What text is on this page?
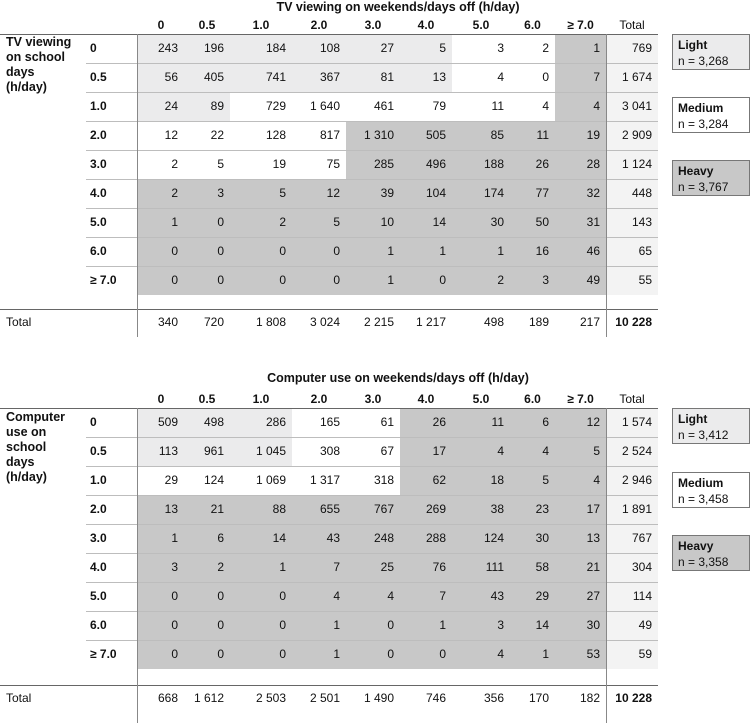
TV viewing on weekends/days off (h/day)
0	0.5	1.0	2.0	3.0	4.0	5.0	6.0	≥ 7.0	Total
TV viewing on school days (h/day)
0	243	196	184	108	27	5	3	2	1	769
0.5	56	405	741	367	81	13	4	0	7	1 674
1.0	24	89	729	1 640	461	79	11	4	4	3 041
2.0	12	22	128	817	1 310	505	85	11	19	2 909
3.0	2	5	19	75	285	496	188	26	28	1 124
4.0	2	3	5	12	39	104	174	77	32	448
5.0	1	0	2	5	10	14	30	50	31	143
6.0	0	0	0	0	1	1	1	16	46	65
≥ 7.0	0	0	0	0	1	0	2	3	49	55
Total	340	720	1 808	3 024	2 215	1 217	498	189	217	10 228
Light
n = 3,268
Medium
n = 3,284
Heavy
n = 3,767
Computer use on weekends/days off (h/day)
0	0.5	1.0	2.0	3.0	4.0	5.0	6.0	≥ 7.0	Total
Computer use on school days (h/day)
0	509	498	286	165	61	26	11	6	12	1 574
0.5	113	961	1 045	308	67	17	4	4	5	2 524
1.0	29	124	1 069	1 317	318	62	18	5	4	2 946
2.0	13	21	88	655	767	269	38	23	17	1 891
3.0	1	6	14	43	248	288	124	30	13	767
4.0	3	2	1	7	25	76	111	58	21	304
5.0	0	0	0	4	4	7	43	29	27	114
6.0	0	0	0	1	0	1	3	14	30	49
≥ 7.0	0	0	0	1	0	0	4	1	53	59
Total	668	1 612	2 503	2 501	1 490	746	356	170	182	10 228
Light
n = 3,412
Medium
n = 3,458
Heavy
n = 3,358
